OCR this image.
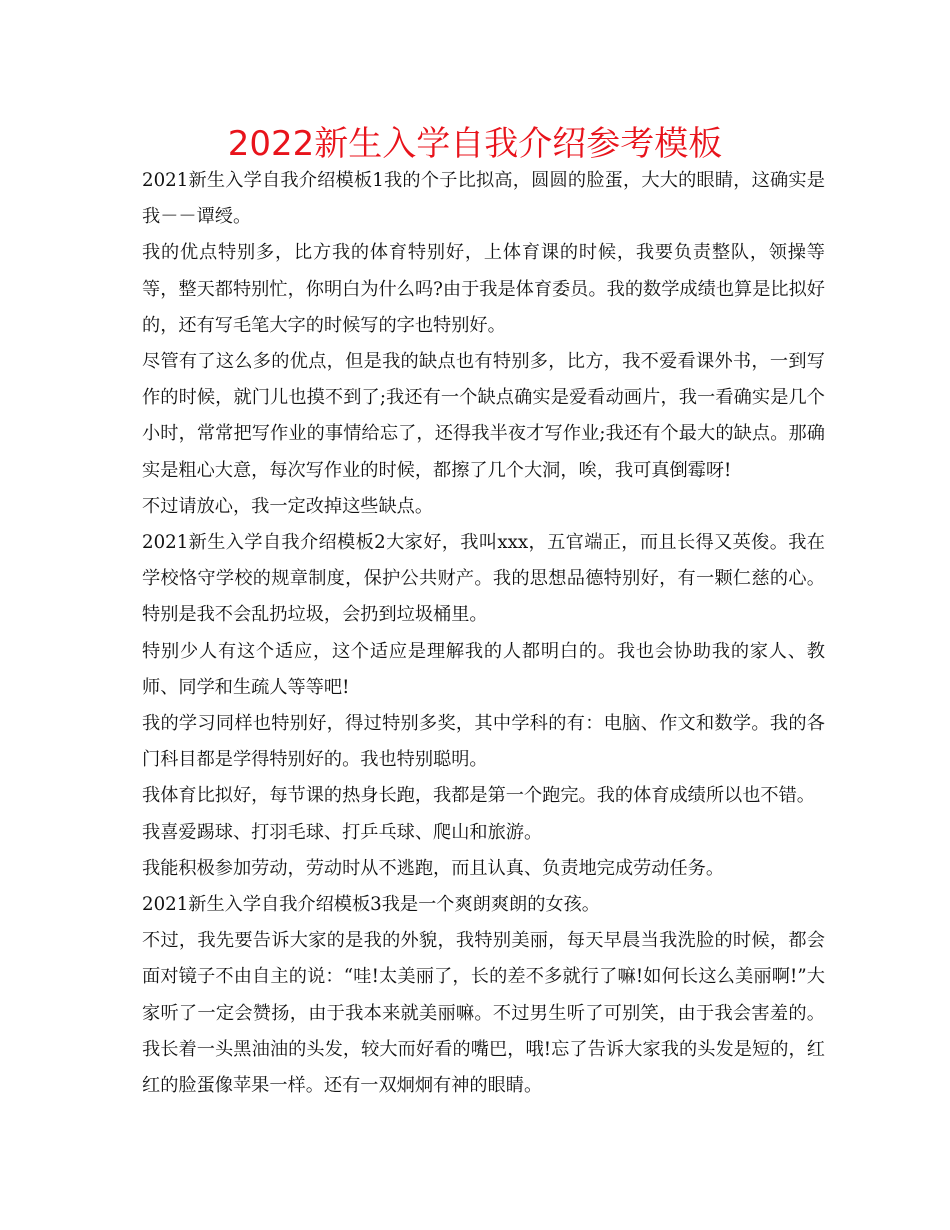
2022新生入学自我介绍参考模板

2021新生入学自我介绍模板1我的个子比拟高，圆圆的脸蛋，大大的眼睛，这确实是我－－谭绶。

我的优点特别多，比方我的体育特别好，上体育课的时候，我要负责整队，领操等等，整天都特别忙，你明白为什么吗?由于我是体育委员。我的数学成绩也算是比拟好的，还有写毛笔大字的时候写的字也特别好。

尽管有了这么多的优点，但是我的缺点也有特别多，比方，我不爱看课外书，一到写作的时候，就门儿也摸不到了;我还有一个缺点确实是爱看动画片，我一看确实是几个小时，常常把写作业的事情给忘了，还得我半夜才写作业;我还有个最大的缺点。那确实是粗心大意，每次写作业的时候，都擦了几个大洞，唉，我可真倒霉呀!

不过请放心，我一定改掉这些缺点。

2021新生入学自我介绍模板2大家好，我叫xxx，五官端正，而且长得又英俊。我在学校恪守学校的规章制度，保护公共财产。我的思想品德特别好，有一颗仁慈的心。特别是我不会乱扔垃圾，会扔到垃圾桶里。

特别少人有这个适应，这个适应是理解我的人都明白的。我也会协助我的家人、教师、同学和生疏人等等吧!

我的学习同样也特别好，得过特别多奖，其中学科的有：电脑、作文和数学。我的各门科目都是学得特别好的。我也特别聪明。

我体育比拟好，每节课的热身长跑，我都是第一个跑完。我的体育成绩所以也不错。

我喜爱踢球、打羽毛球、打乒乓球、爬山和旅游。

我能积极参加劳动，劳动时从不逃跑，而且认真、负责地完成劳动任务。

2021新生入学自我介绍模板3我是一个爽朗爽朗的女孩。

不过，我先要告诉大家的是我的外貌，我特别美丽，每天早晨当我洗脸的时候，都会面对镜子不由自主的说：“哇!太美丽了，长的差不多就行了嘛!如何长这么美丽啊!”大家听了一定会赞扬，由于我本来就美丽嘛。不过男生听了可别笑，由于我会害羞的。我长着一头黑油油的头发，较大而好看的嘴巴，哦!忘了告诉大家我的头发是短的，红红的脸蛋像苹果一样。还有一双炯炯有神的眼睛。
